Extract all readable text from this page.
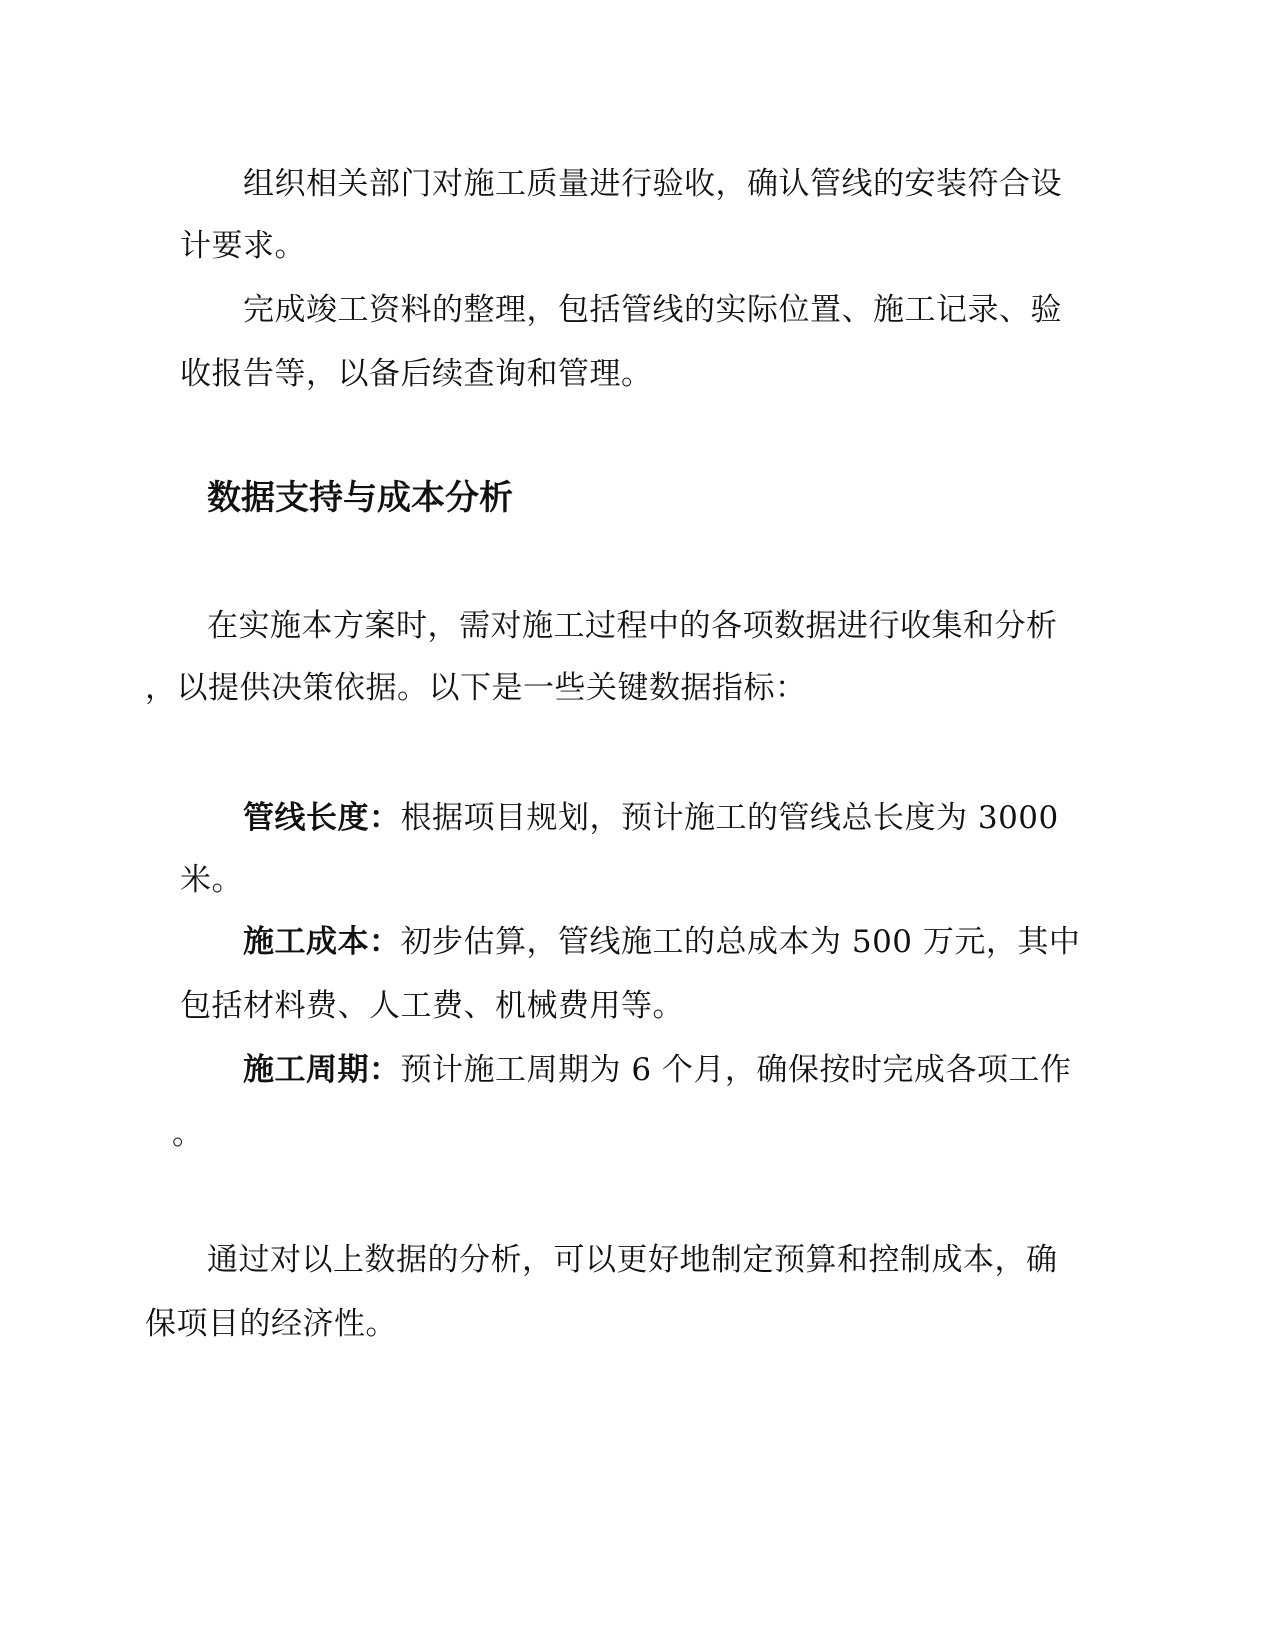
组织相关部门对施工质量进行验收，确认管线的安装符合设
计要求。
完成竣工资料的整理，包括管线的实际位置、施工记录、验
收报告等，以备后续查询和管理。
数据支持与成本分析
在实施本方案时，需对施工过程中的各项数据进行收集和分析
，以提供决策依据。以下是一些关键数据指标：
管线长度：根据项目规划，预计施工的管线总长度为 3000
米。
施工成本：初步估算，管线施工的总成本为 500 万元，其中
包括材料费、人工费、机械费用等。
施工周期：预计施工周期为 6 个月，确保按时完成各项工作
。
通过对以上数据的分析，可以更好地制定预算和控制成本，确
保项目的经济性。
